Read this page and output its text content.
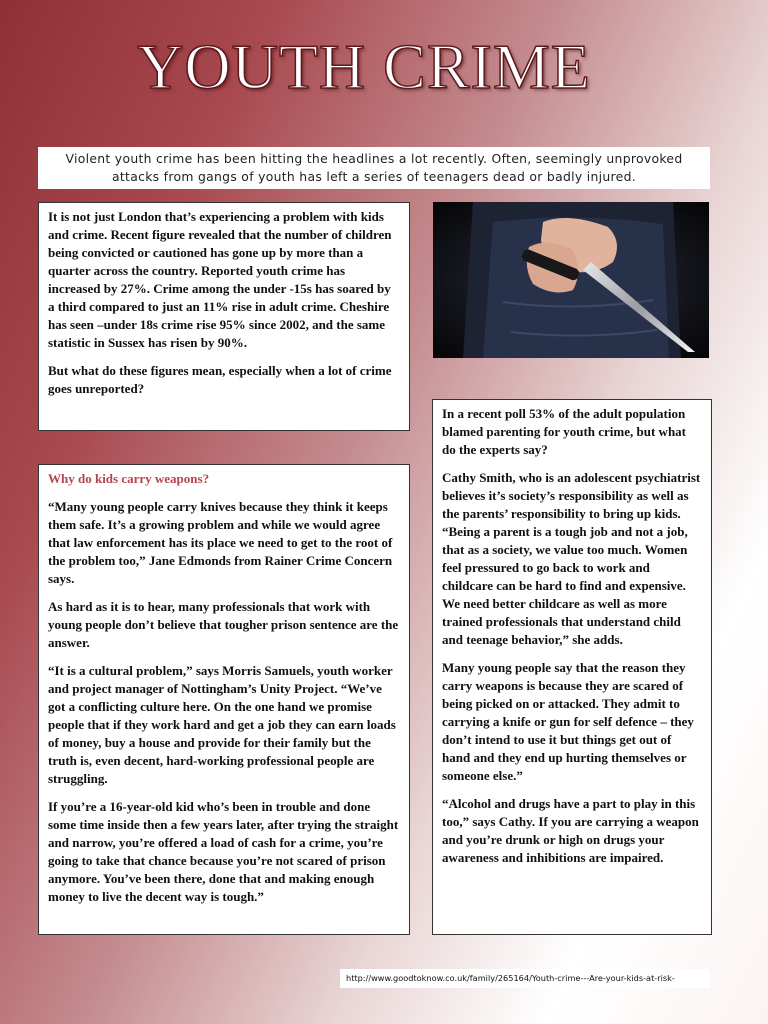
YOUTH CRIME
Violent youth crime has been hitting the headlines a lot recently. Often, seemingly unprovoked attacks from gangs of youth has left a series of teenagers dead or badly injured.

It is not just London that’s experiencing a problem with kids and crime. Recent figure revealed that the number of children being convicted or cautioned has gone up by more than a quarter across the country. Reported youth crime has increased by 27%. Crime among the under -15s has soared by a third compared to just an 11% rise in adult crime. Cheshire has seen –under 18s crime rise 95% since 2002, and the same statistic in Sussex has risen by 90%.

But what do these figures mean, especially when a lot of crime goes unreported?

Why do kids carry weapons?

“Many young people carry knives because they think it keeps them safe. It’s a growing problem and while we would agree that law enforcement has its place we need to get to the root of the problem too,” Jane Edmonds from Rainer Crime Concern says.

As hard as it is to hear, many professionals that work with young people don’t believe that tougher prison sentence are the answer.

“It is a cultural problem,” says Morris Samuels, youth worker and project manager of Nottingham’s Unity Project. “We’ve got a conflicting culture here. On the one hand we promise people that if they work hard and get a job they can earn loads of money, buy a house and provide for their family but the truth is, even decent, hard-working professional people are struggling.

If you’re a 16-year-old kid who’s been in trouble and done some time inside then a few years later, after trying the straight and narrow, you’re offered a load of cash for a crime, you’re going to take that chance because you’re not scared of prison anymore. You’ve been there, done that and making enough money to live the decent way is tough.”

In a recent poll 53% of the adult population blamed parenting for youth crime, but what do the experts say?

Cathy Smith, who is an adolescent psychiatrist believes it’s society’s responsibility as well as the parents’ responsibility to bring up kids. “Being a parent is a tough job and not a job, that as a society, we value too much. Women feel pressured to go back to work and childcare can be hard to find and expensive. We need better childcare as well as more trained professionals that understand child and teenage behavior,” she adds.

Many young people say that the reason they carry weapons is because they are scared of being picked on or attacked. They admit to carrying a knife or gun for self defence – they don’t intend to use it but things get out of hand and they end up hurting themselves or someone else.”

“Alcohol and drugs have a part to play in this too,” says Cathy. If you are carrying a weapon and you’re drunk or high on drugs your awareness and inhibitions are impaired.

http://www.goodtoknow.co.uk/family/265164/Youth-crime---Are-your-kids-at-risk-
